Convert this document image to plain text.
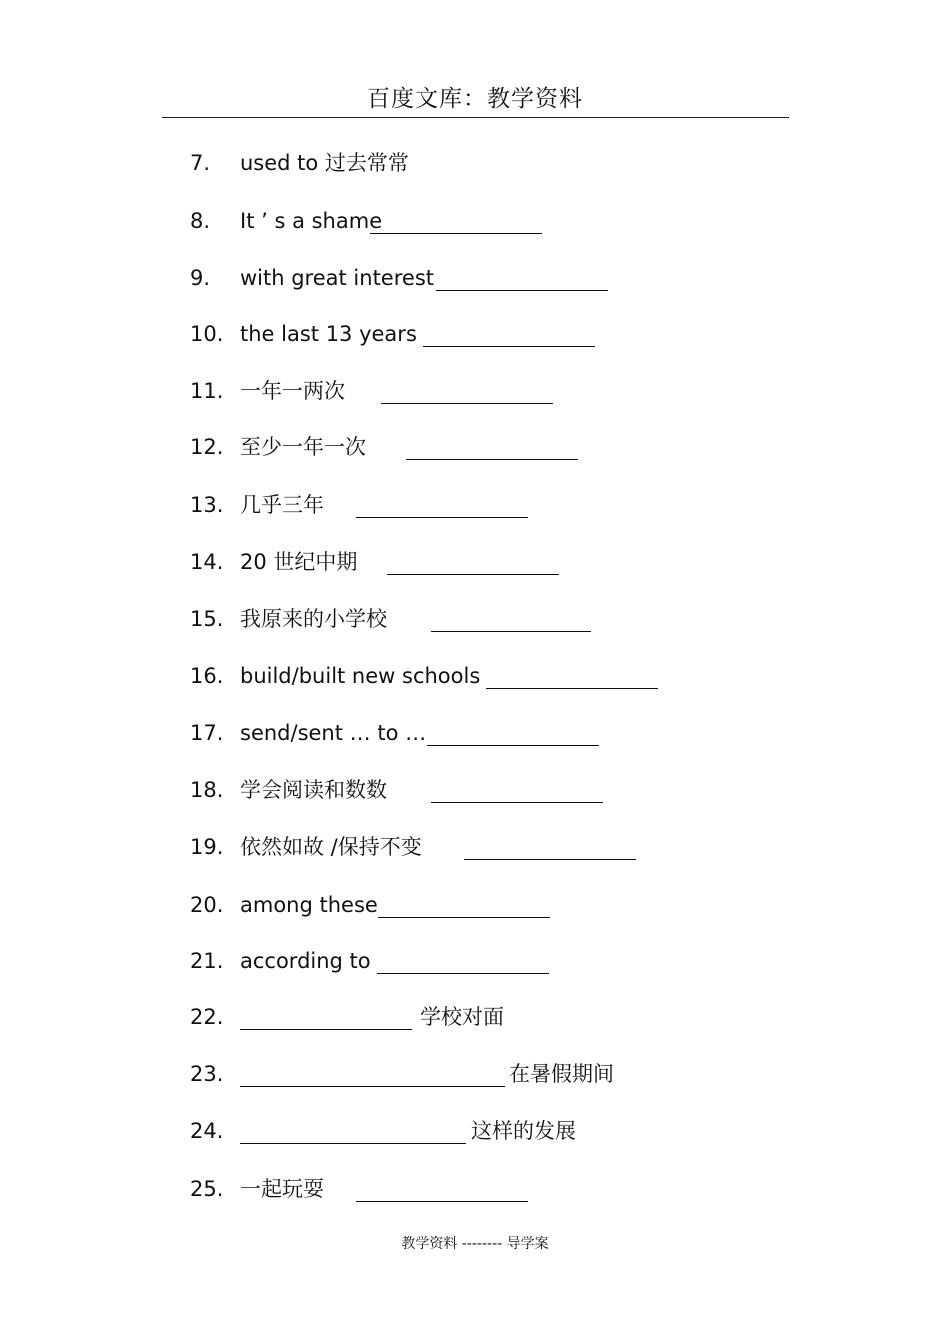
百度文库：教学资料
7. used to 过去常常
8. It ’ s a shame
9. with great interest
10. the last 13 years
11. 一年一两次
12. 至少一年一次
13. 几乎三年
14. 20 世纪中期
15. 我原来的小学校
16. build/built new schools
17. send/sent … to …
18. 学会阅读和数数
19. 依然如故 /保持不变
20. among these
21. according to
22.	学校对面
23.	在暑假期间
24.	这样的发展
25. 一起玩耍
教学资料 -------- 导学案
